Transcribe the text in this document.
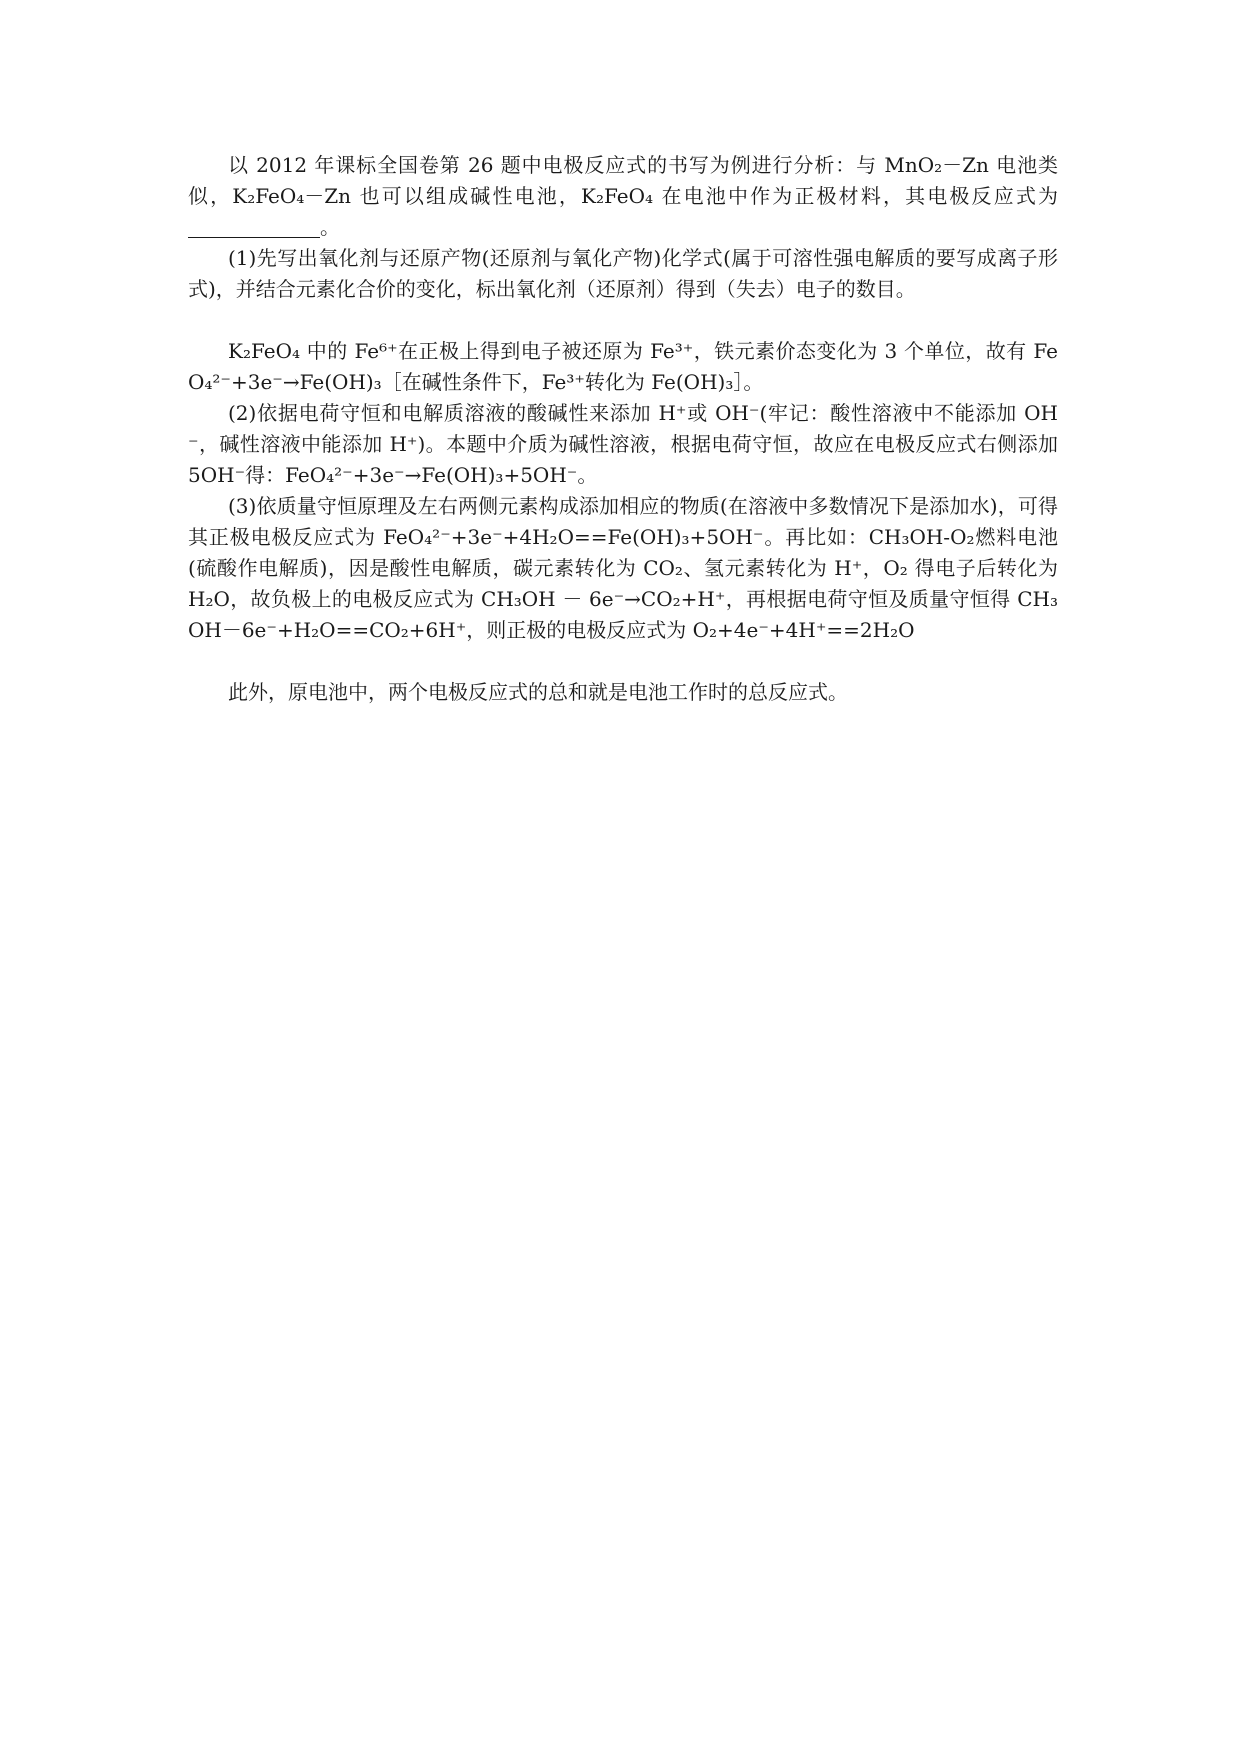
以 2012 年课标全国卷第 26 题中电极反应式的书写为例进行分析：与 MnO₂－Zn 电池类似，K₂FeO₄－Zn 也可以组成碱性电池，K₂FeO₄ 在电池中作为正极材料，其电极反应式为。

(1)先写出氧化剂与还原产物(还原剂与氧化产物)化学式(属于可溶性强电解质的要写成离子形式)，并结合元素化合价的变化，标出氧化剂（还原剂）得到（失去）电子的数目。

K₂FeO₄ 中的 Fe⁶⁺在正极上得到电子被还原为 Fe³⁺，铁元素价态变化为 3 个单位，故有 FeO₄²⁻+3e⁻→Fe(OH)₃［在碱性条件下，Fe³⁺转化为 Fe(OH)₃］。

(2)依据电荷守恒和电解质溶液的酸碱性来添加 H⁺或 OH⁻(牢记：酸性溶液中不能添加 OH⁻，碱性溶液中能添加 H⁺)。本题中介质为碱性溶液，根据电荷守恒，故应在电极反应式右侧添加 5OH⁻得：FeO₄²⁻+3e⁻→Fe(OH)₃+5OH⁻。

(3)依质量守恒原理及左右两侧元素构成添加相应的物质(在溶液中多数情况下是添加水)，可得其正极电极反应式为 FeO₄²⁻+3e⁻+4H₂O==Fe(OH)₃+5OH⁻。再比如：CH₃OH-O₂燃料电池(硫酸作电解质)，因是酸性电解质，碳元素转化为 CO₂、氢元素转化为 H⁺，O₂ 得电子后转化为 H₂O，故负极上的电极反应式为 CH₃OH － 6e⁻→CO₂+H⁺，再根据电荷守恒及质量守恒得 CH₃OH－6e⁻+H₂O==CO₂+6H⁺，则正极的电极反应式为 O₂+4e⁻+4H⁺==2H₂O

此外，原电池中，两个电极反应式的总和就是电池工作时的总反应式。
